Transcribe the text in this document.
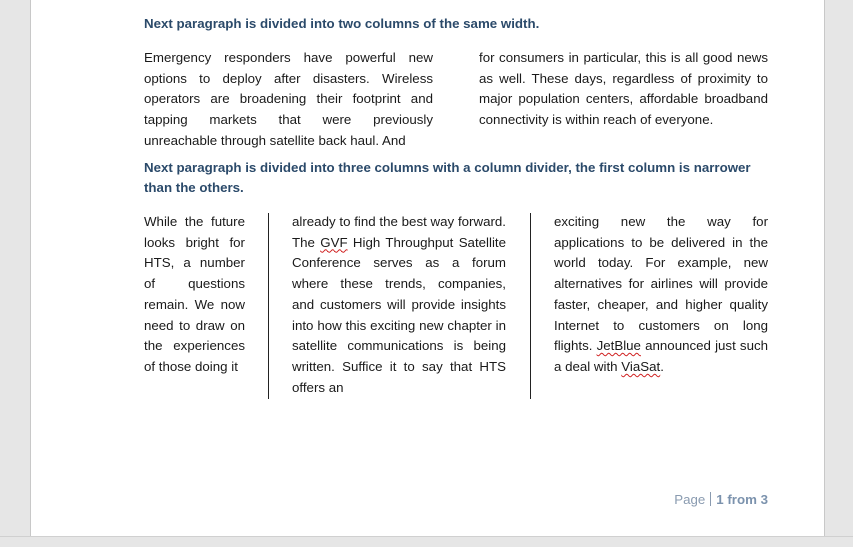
Next paragraph is divided into two columns of the same width.

Emergency responders have powerful new options to deploy after disasters. Wireless operators are broadening their footprint and tapping markets that were previously unreachable through satellite back haul. And
for consumers in particular, this is all good news as well. These days, regardless of proximity to major population centers, affordable broadband connectivity is within reach of everyone.

Next paragraph is divided into three columns with a column divider, the first column is narrower than the others.

While the future looks bright for HTS, a number of questions remain. We now need to draw on the experiences of those doing it
already to find the best way forward. The GVF High Throughput Satellite Conference serves as a forum where these trends, companies, and customers will provide insights into how this exciting new chapter in satellite communications is being written. Suffice it to say that HTS offers an
exciting new the way for applications to be delivered in the world today. For example, new alternatives for airlines will provide faster, cheaper, and higher quality Internet to customers on long flights. JetBlue announced just such a deal with ViaSat.
Page 1 from 3
